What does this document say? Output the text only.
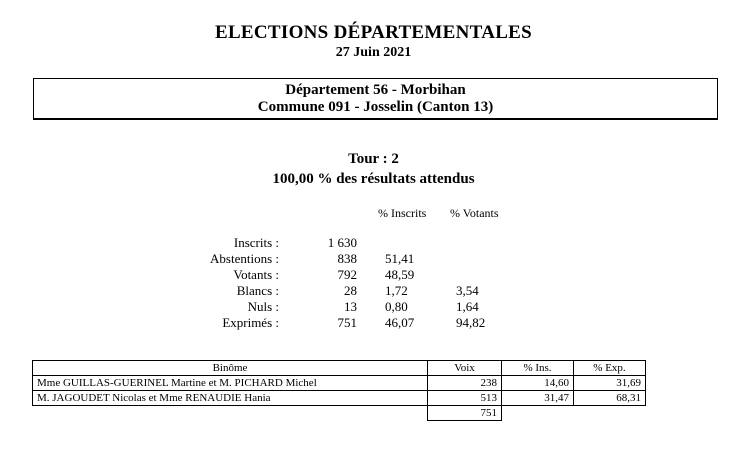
ELECTIONS DÉPARTEMENTALES
27 Juin 2021
Département 56 - Morbihan
Commune 091 - Josselin (Canton 13)
Tour : 2
100,00 % des résultats attendus
% Inscrits % Votants
Inscrits :	1 630
Abstentions :	838 51,41
Votants :	792 48,59
Blancs :	28 1,72	3,54
Nuls :	13 0,80	1,64
Exprimés :	751 46,07	94,82
Binôme	Voix	% Ins.	% Exp.
Mme GUILLAS-GUERINEL Martine et M. PICHARD Michel	238	14,60	31,69
M. JAGOUDET Nicolas et Mme RENAUDIE Hania	513	31,47	68,31
	751		
